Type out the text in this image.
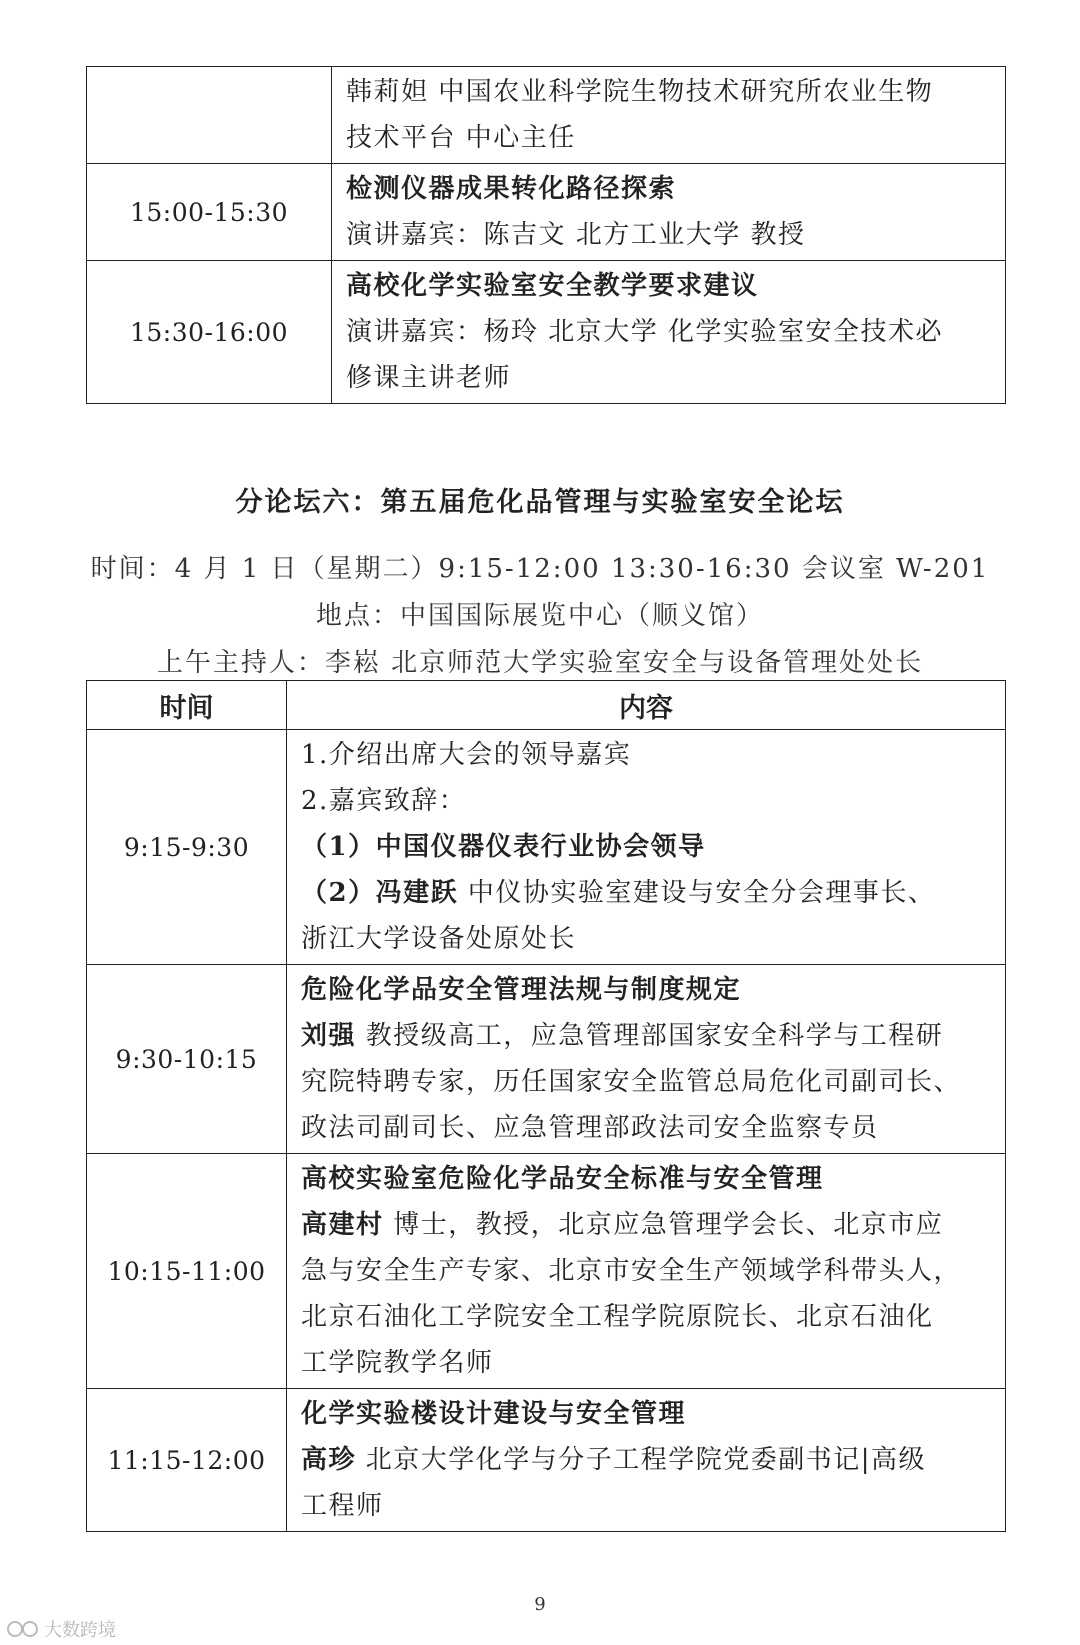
	韩莉妲 中国农业科学院生物技术研究所农业生物
技术平台 中心主任

15:00-15:30	检测仪器成果转化路径探索
演讲嘉宾：陈吉文 北方工业大学 教授

15:30-16:00	高校化学实验室安全教学要求建议
演讲嘉宾：杨玲 北京大学 化学实验室安全技术必
修课主讲老师
分论坛六：第五届危化品管理与实验室安全论坛
时间：4 月 1 日（星期二）9:15-12:00 13:30-16:30 会议室 W-201
地点：中国国际展览中心（顺义馆）
上午主持人：李崧 北京师范大学实验室安全与设备管理处处长
时间	内容
9:15-9:30	1.介绍出席大会的领导嘉宾
2.嘉宾致辞：
（1）中国仪器仪表行业协会领导
（2）冯建跃 中仪协实验室建设与安全分会理事长、
浙江大学设备处原处长

9:30-10:15	危险化学品安全管理法规与制度规定
刘强 教授级高工，应急管理部国家安全科学与工程研
究院特聘专家，历任国家安全监管总局危化司副司长、
政法司副司长、应急管理部政法司安全监察专员

10:15-11:00	高校实验室危险化学品安全标准与安全管理
高建村 博士，教授，北京应急管理学会长、北京市应
急与安全生产专家、北京市安全生产领域学科带头人，
北京石油化工学院安全工程学院原院长、北京石油化
工学院教学名师

11:15-12:00	化学实验楼设计建设与安全管理
高珍 北京大学化学与分子工程学院党委副书记|高级
工程师
9
大数跨境
